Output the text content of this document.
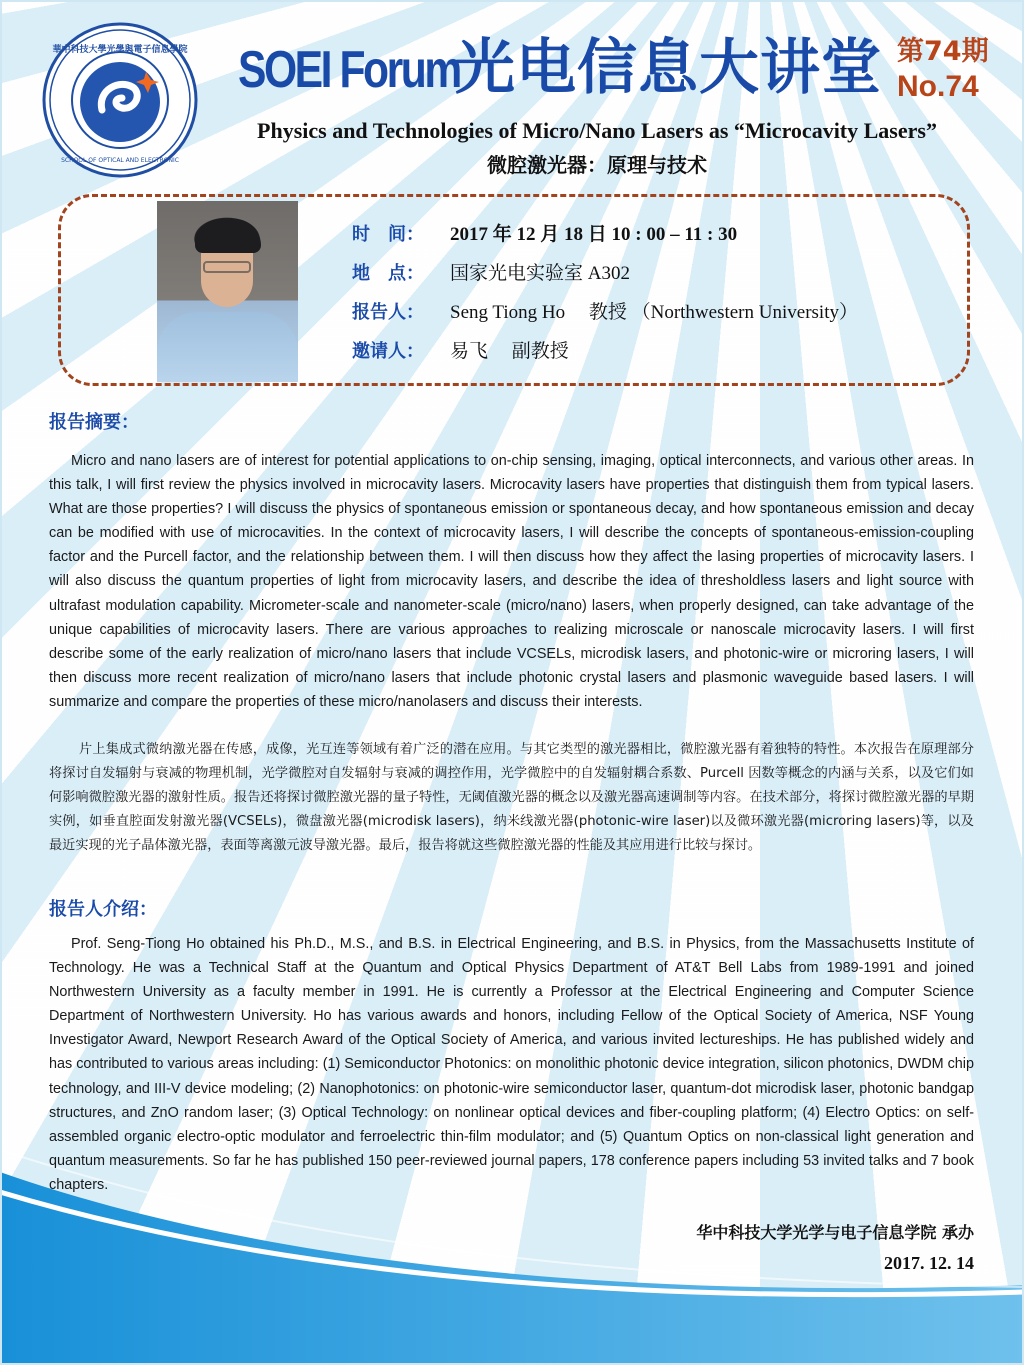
華中科技大學光學與電子信息學院
SCHOOL OF OPTICAL AND ELECTRONIC
SOEI Forum
光电信息大讲堂 第74期
No.74
Physics and Technologies of Micro/Nano Lasers as “Microcavity Lasers”
微腔激光器：原理与技术
时　间： 2017 年 12 月 18 日 10 : 00 – 11 : 30
地　点： 国家光电实验室 A302
报告人： Seng Tiong Ho　 教授 （Northwestern University）
邀请人： 易飞　 副教授
报告摘要：

Micro and nano lasers are of interest for potential applications to on-chip sensing, imaging, optical interconnects, and various other areas. In this talk, I will first review the physics involved in microcavity lasers. Microcavity lasers have properties that distinguish them from typical lasers. What are those properties? I will discuss the physics of spontaneous emission or spontaneous decay, and how spontaneous emission and decay can be modified with use of microcavities. In the context of microcavity lasers, I will describe the concepts of spontaneous-emission-coupling factor and the Purcell factor, and the relationship between them. I will then discuss how they affect the lasing properties of microcavity lasers. I will also discuss the quantum properties of light from microcavity lasers, and describe the idea of thresholdless lasers and light source with ultrafast modulation capability. Micrometer-scale and nanometer-scale (micro/nano) lasers, when properly designed, can take advantage of the unique capabilities of microcavity lasers. There are various approaches to realizing microscale or nanoscale microcavity lasers. I will first describe some of the early realization of micro/nano lasers that include VCSELs, microdisk lasers, and photonic-wire or microring lasers, I will then discuss more recent realization of micro/nano lasers that include photonic crystal lasers and plasmonic waveguide based lasers. I will summarize and compare the properties of these micro/nanolasers and discuss their interests.

片上集成式微纳激光器在传感，成像，光互连等领域有着广泛的潜在应用。与其它类型的激光器相比，微腔激光器有着独特的特性。本次报告在原理部分将探讨自发辐射与衰减的物理机制，光学微腔对自发辐射与衰减的调控作用，光学微腔中的自发辐射耦合系数、Purcell 因数等概念的内涵与关系，以及它们如何影响微腔激光器的激射性质。报告还将探讨微腔激光器的量子特性，无阈值激光器的概念以及激光器高速调制等内容。在技术部分，将探讨微腔激光器的早期实例，如垂直腔面发射激光器(VCSELs)，微盘激光器(microdisk lasers)，纳米线激光器(photonic-wire laser)以及微环激光器(microring lasers)等，以及最近实现的光子晶体激光器，表面等离激元波导激光器。最后，报告将就这些微腔激光器的性能及其应用进行比较与探讨。

报告人介绍：

Prof. Seng-Tiong Ho obtained his Ph.D., M.S., and B.S. in Electrical Engineering, and B.S. in Physics, from the Massachusetts Institute of Technology. He was a Technical Staff at the Quantum and Optical Physics Department of AT&T Bell Labs from 1989-1991 and joined Northwestern University as a faculty member in 1991. He is currently a Professor at the Electrical Engineering and Computer Science Department of Northwestern University. Ho has various awards and honors, including Fellow of the Optical Society of America, NSF Young Investigator Award, Newport Research Award of the Optical Society of America, and various invited lectureships. He has published widely and has contributed to various areas including: (1) Semiconductor Photonics: on monolithic photonic device integration, silicon photonics, DWDM chip technology, and III-V device modeling; (2) Nanophotonics: on photonic-wire semiconductor laser, quantum-dot microdisk laser, photonic bandgap structures, and ZnO random laser; (3) Optical Technology: on nonlinear optical devices and fiber-coupling platform; (4) Electro Optics: on self-assembled organic electro-optic modulator and ferroelectric thin-film modulator; and (5) Quantum Optics on non-classical light generation and quantum measurements. So far he has published 150 peer-reviewed journal papers, 178 conference papers including 53 invited talks and 7 book chapters.

华中科技大学光学与电子信息学院 承办
2017. 12. 14
